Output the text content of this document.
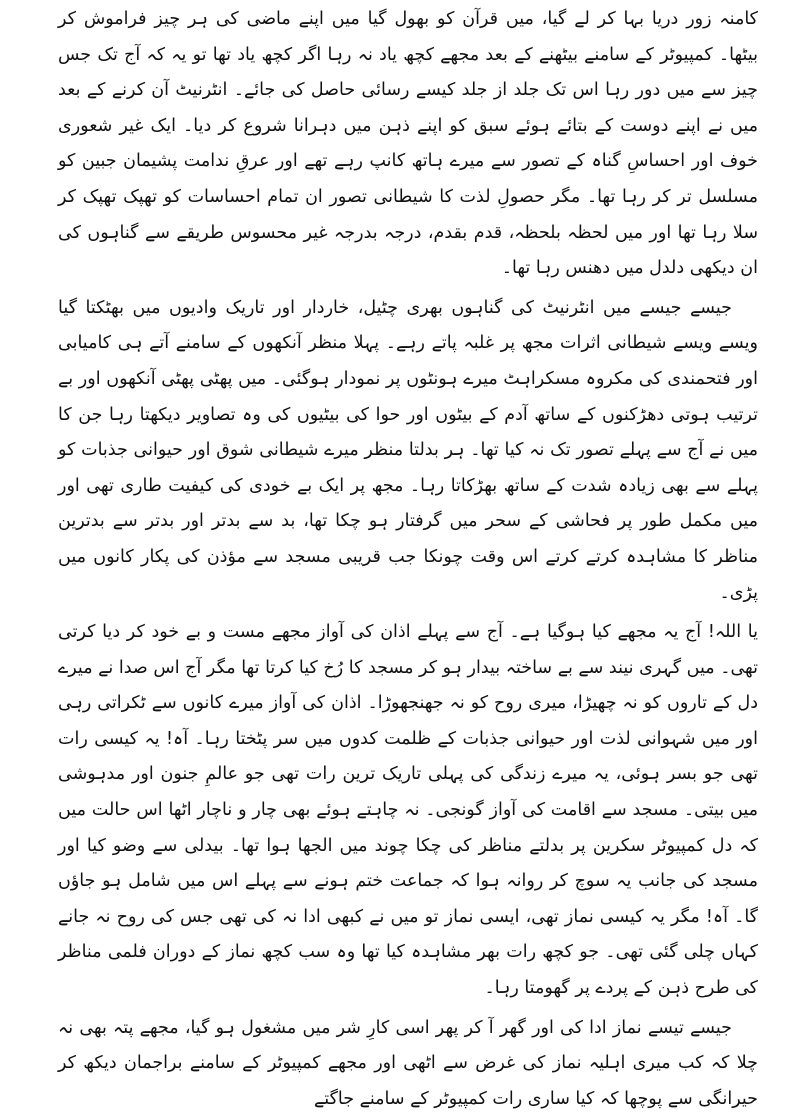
کامنہ زور دریا بہا کر لے گیا، میں قرآن کو بھول گیا میں اپنے ماضی کی ہر چیز فراموش کر بیٹھا۔ کمپیوٹر کے سامنے بیٹھنے کے بعد مجھے کچھ یاد نہ رہا اگر کچھ یاد تھا تو یہ کہ آج تک جس چیز سے میں دور رہا اس تک جلد از جلد کیسے رسائی حاصل کی جائے۔ انٹرنیٹ آن کرنے کے بعد میں نے اپنے دوست کے بتائے ہوئے سبق کو اپنے ذہن میں دہرانا شروع کر دیا۔ ایک غیر شعوری خوف اور احساسِ گناہ کے تصور سے میرے ہاتھ کانپ رہے تھے اور عرقِ ندامت پشیمان جبین کو مسلسل تر کر رہا تھا۔ مگر حصولِ لذت کا شیطانی تصور ان تمام احساسات کو تھپک تھپک کر سلا رہا تھا اور میں لحظہ بلحظہ، قدم بقدم، درجہ بدرجہ غیر محسوس طریقے سے گناہوں کی ان دیکھی دلدل میں دھنس رہا تھا۔

جیسے جیسے میں انٹرنیٹ کی گناہوں بھری چٹیل، خاردار اور تاریک وادیوں میں بھٹکتا گیا ویسے ویسے شیطانی اثرات مجھ پر غلبہ پاتے رہے۔ پہلا منظر آنکھوں کے سامنے آتے ہی کامیابی اور فتحمندی کی مکروہ مسکراہٹ میرے ہونٹوں پر نمودار ہوگئی۔ میں پھٹی پھٹی آنکھوں اور بے ترتیب ہوتی دھڑکنوں کے ساتھ آدم کے بیٹوں اور حوا کی بیٹیوں کی وہ تصاویر دیکھتا رہا جن کا میں نے آج سے پہلے تصور تک نہ کیا تھا۔ ہر بدلتا منظر میرے شیطانی شوق اور حیوانی جذبات کو پہلے سے بھی زیادہ شدت کے ساتھ بھڑکاتا رہا۔ مجھ پر ایک بے خودی کی کیفیت طاری تھی اور میں مکمل طور پر فحاشی کے سحر میں گرفتار ہو چکا تھا، بد سے بدتر اور بدتر سے بدترین مناظر کا مشاہدہ کرتے کرتے اس وقت چونکا جب قریبی مسجد سے مؤذن کی پکار کانوں میں پڑی۔

یا اللہ! آج یہ مجھے کیا ہوگیا ہے۔ آج سے پہلے اذان کی آواز مجھے مست و بے خود کر دیا کرتی تھی۔ میں گہری نیند سے بے ساختہ بیدار ہو کر مسجد کا رُخ کیا کرتا تھا مگر آج اس صدا نے میرے دل کے تاروں کو نہ چھیڑا، میری روح کو نہ جھنجھوڑا۔ اذان کی آواز میرے کانوں سے ٹکراتی رہی اور میں شہوانی لذت اور حیوانی جذبات کے ظلمت کدوں میں سر پٹختا رہا۔ آہ! یہ کیسی رات تھی جو بسر ہوئی، یہ میرے زندگی کی پہلی تاریک ترین رات تھی جو عالمِ جنون اور مدہوشی میں بیتی۔ مسجد سے اقامت کی آواز گونجی۔ نہ چاہتے ہوئے بھی چار و ناچار اٹھا اس حالت میں کہ دل کمپیوٹر سکرین پر بدلتے مناظر کی چکا چوند میں الجھا ہوا تھا۔ بیدلی سے وضو کیا اور مسجد کی جانب یہ سوچ کر روانہ ہوا کہ جماعت ختم ہونے سے پہلے اس میں شامل ہو جاؤں گا۔ آہ! مگر یہ کیسی نماز تھی، ایسی نماز تو میں نے کبھی ادا نہ کی تھی جس کی روح نہ جانے کہاں چلی گئی تھی۔ جو کچھ رات بھر مشاہدہ کیا تھا وہ سب کچھ نماز کے دوران فلمی مناظر کی طرح ذہن کے پردے پر گھومتا رہا۔

جیسے تیسے نماز ادا کی اور گھر آ کر پھر اسی کارِ شر میں مشغول ہو گیا، مجھے پتہ بھی نہ چلا کہ کب میری اہلیہ نماز کی غرض سے اٹھی اور مجھے کمپیوٹر کے سامنے براجمان دیکھ کر حیرانگی سے پوچھا کہ کیا ساری رات کمپیوٹر کے سامنے جاگتے
